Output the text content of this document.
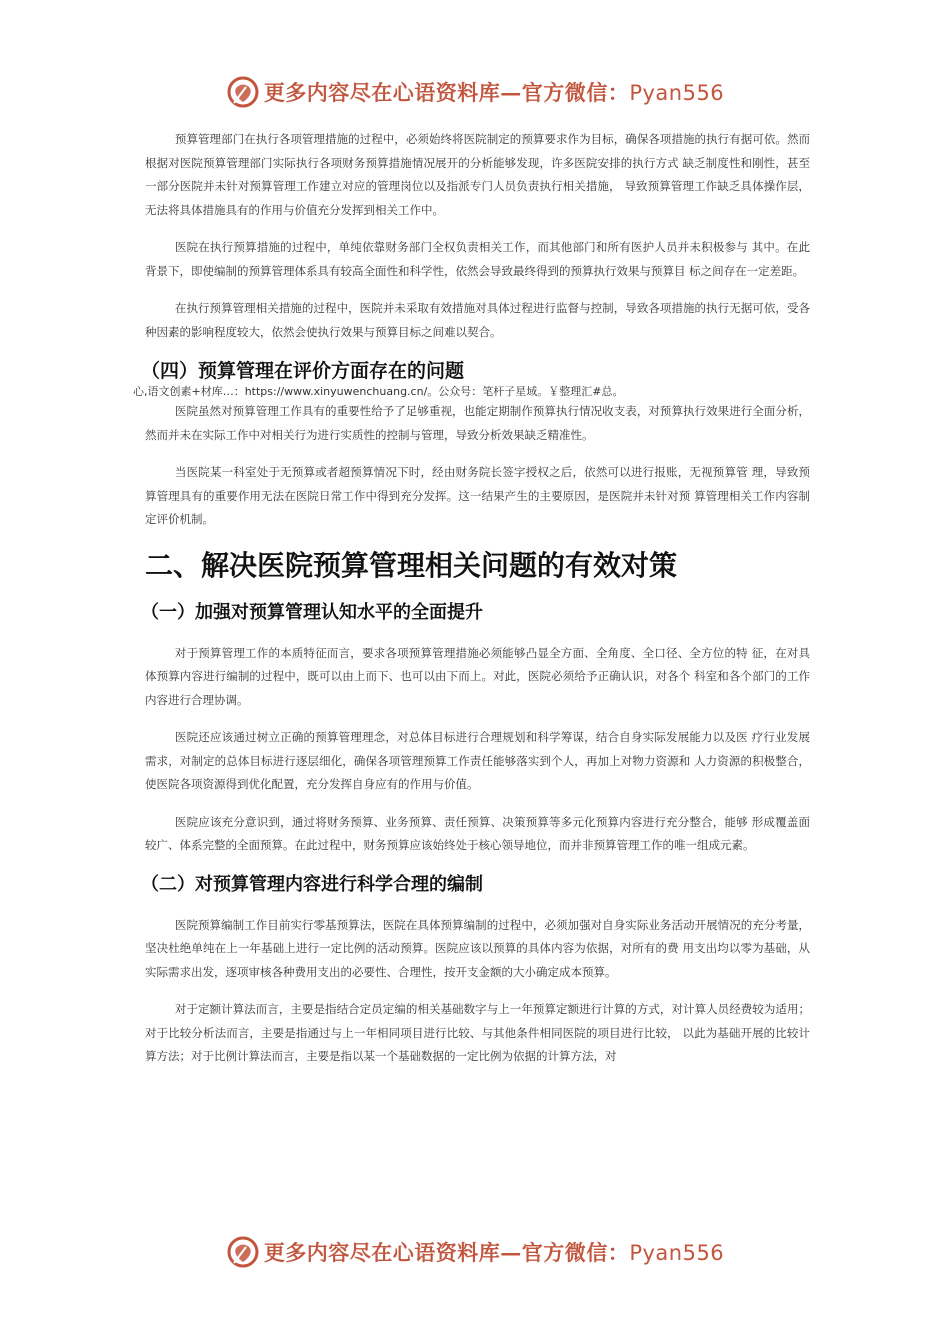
更多内容尽在心语资料库—官方微信：Pyan556

预算管理部门在执行各项管理措施的过程中，必须始终将医院制定的预算要求作为目标，确保各项措施的执行有据可依。然而根据对医院预算管理部门实际执行各项财务预算措施情况展开的分析能够发现，许多医院安排的执行方式 缺乏制度性和刚性，甚至一部分医院并未针对预算管理工作建立对应的管理岗位以及指派专门人员负责执行相关措施， 导致预算管理工作缺乏具体操作层，无法将具体措施具有的作用与价值充分发挥到相关工作中。

医院在执行预算措施的过程中，单纯依靠财务部门全权负责相关工作，而其他部门和所有医护人员并未积极参与 其中。在此背景下，即使编制的预算管理体系具有较高全面性和科学性，依然会导致最终得到的预算执行效果与预算目 标之间存在一定差距。

在执行预算管理相关措施的过程中，医院并未采取有效措施对具体过程进行监督与控制，导致各项措施的执行无据可依，受各种因素的影响程度较大，依然会使执行效果与预算目标之间难以契合。

（四）预算管理在评价方面存在的问题
心,语文创素+材库…：https://www.xinyuwenchuang.cn/。公众号：笔杆子星域。￥整理汇#总。

医院虽然对预算管理工作具有的重要性给予了足够重视，也能定期制作预算执行情况收支表，对预算执行效果进行全面分析，然而并未在实际工作中对相关行为进行实质性的控制与管理，导致分析效果缺乏精准性。

当医院某一科室处于无预算或者超预算情况下时，经由财务院长签字授权之后，依然可以进行报账，无视预算管 理，导致预算管理具有的重要作用无法在医院日常工作中得到充分发挥。这一结果产生的主要原因，是医院并未针对预 算管理相关工作内容制定评价机制。

二、解决医院预算管理相关问题的有效对策
（一）加强对预算管理认知水平的全面提升

对于预算管理工作的本质特征而言，要求各项预算管理措施必须能够凸显全方面、全角度、全口径、全方位的特 征，在对具体预算内容进行编制的过程中，既可以由上而下、也可以由下而上。对此，医院必须给予正确认识，对各个 科室和各个部门的工作内容进行合理协调。

医院还应该通过树立正确的预算管理理念，对总体目标进行合理规划和科学筹谋，结合自身实际发展能力以及医 疗行业发展需求，对制定的总体目标进行逐层细化，确保各项管理预算工作责任能够落实到个人，再加上对物力资源和 人力资源的积极整合，使医院各项资源得到优化配置，充分发挥自身应有的作用与价值。

医院应该充分意识到，通过将财务预算、业务预算、责任预算、决策预算等多元化预算内容进行充分整合，能够 形成覆盖面较广、体系完整的全面预算。在此过程中，财务预算应该始终处于核心领导地位，而并非预算管理工作的唯一组成元素。

（二）对预算管理内容进行科学合理的编制

医院预算编制工作目前实行零基预算法，医院在具体预算编制的过程中，必须加强对自身实际业务活动开展情况的充分考量，坚决杜绝单纯在上一年基础上进行一定比例的活动预算。医院应该以预算的具体内容为依据，对所有的费 用支出均以零为基础，从实际需求出发，逐项审核各种费用支出的必要性、合理性，按开支金额的大小确定成本预算。

对于定额计算法而言，主要是指结合定员定编的相关基础数字与上一年预算定额进行计算的方式，对计算人员经费较为适用；对于比较分析法而言，主要是指通过与上一年相同项目进行比较、与其他条件相同医院的项目进行比较， 以此为基础开展的比较计算方法；对于比例计算法而言，主要是指以某一个基础数据的一定比例为依据的计算方法，对

更多内容尽在心语资料库—官方微信：Pyan556
